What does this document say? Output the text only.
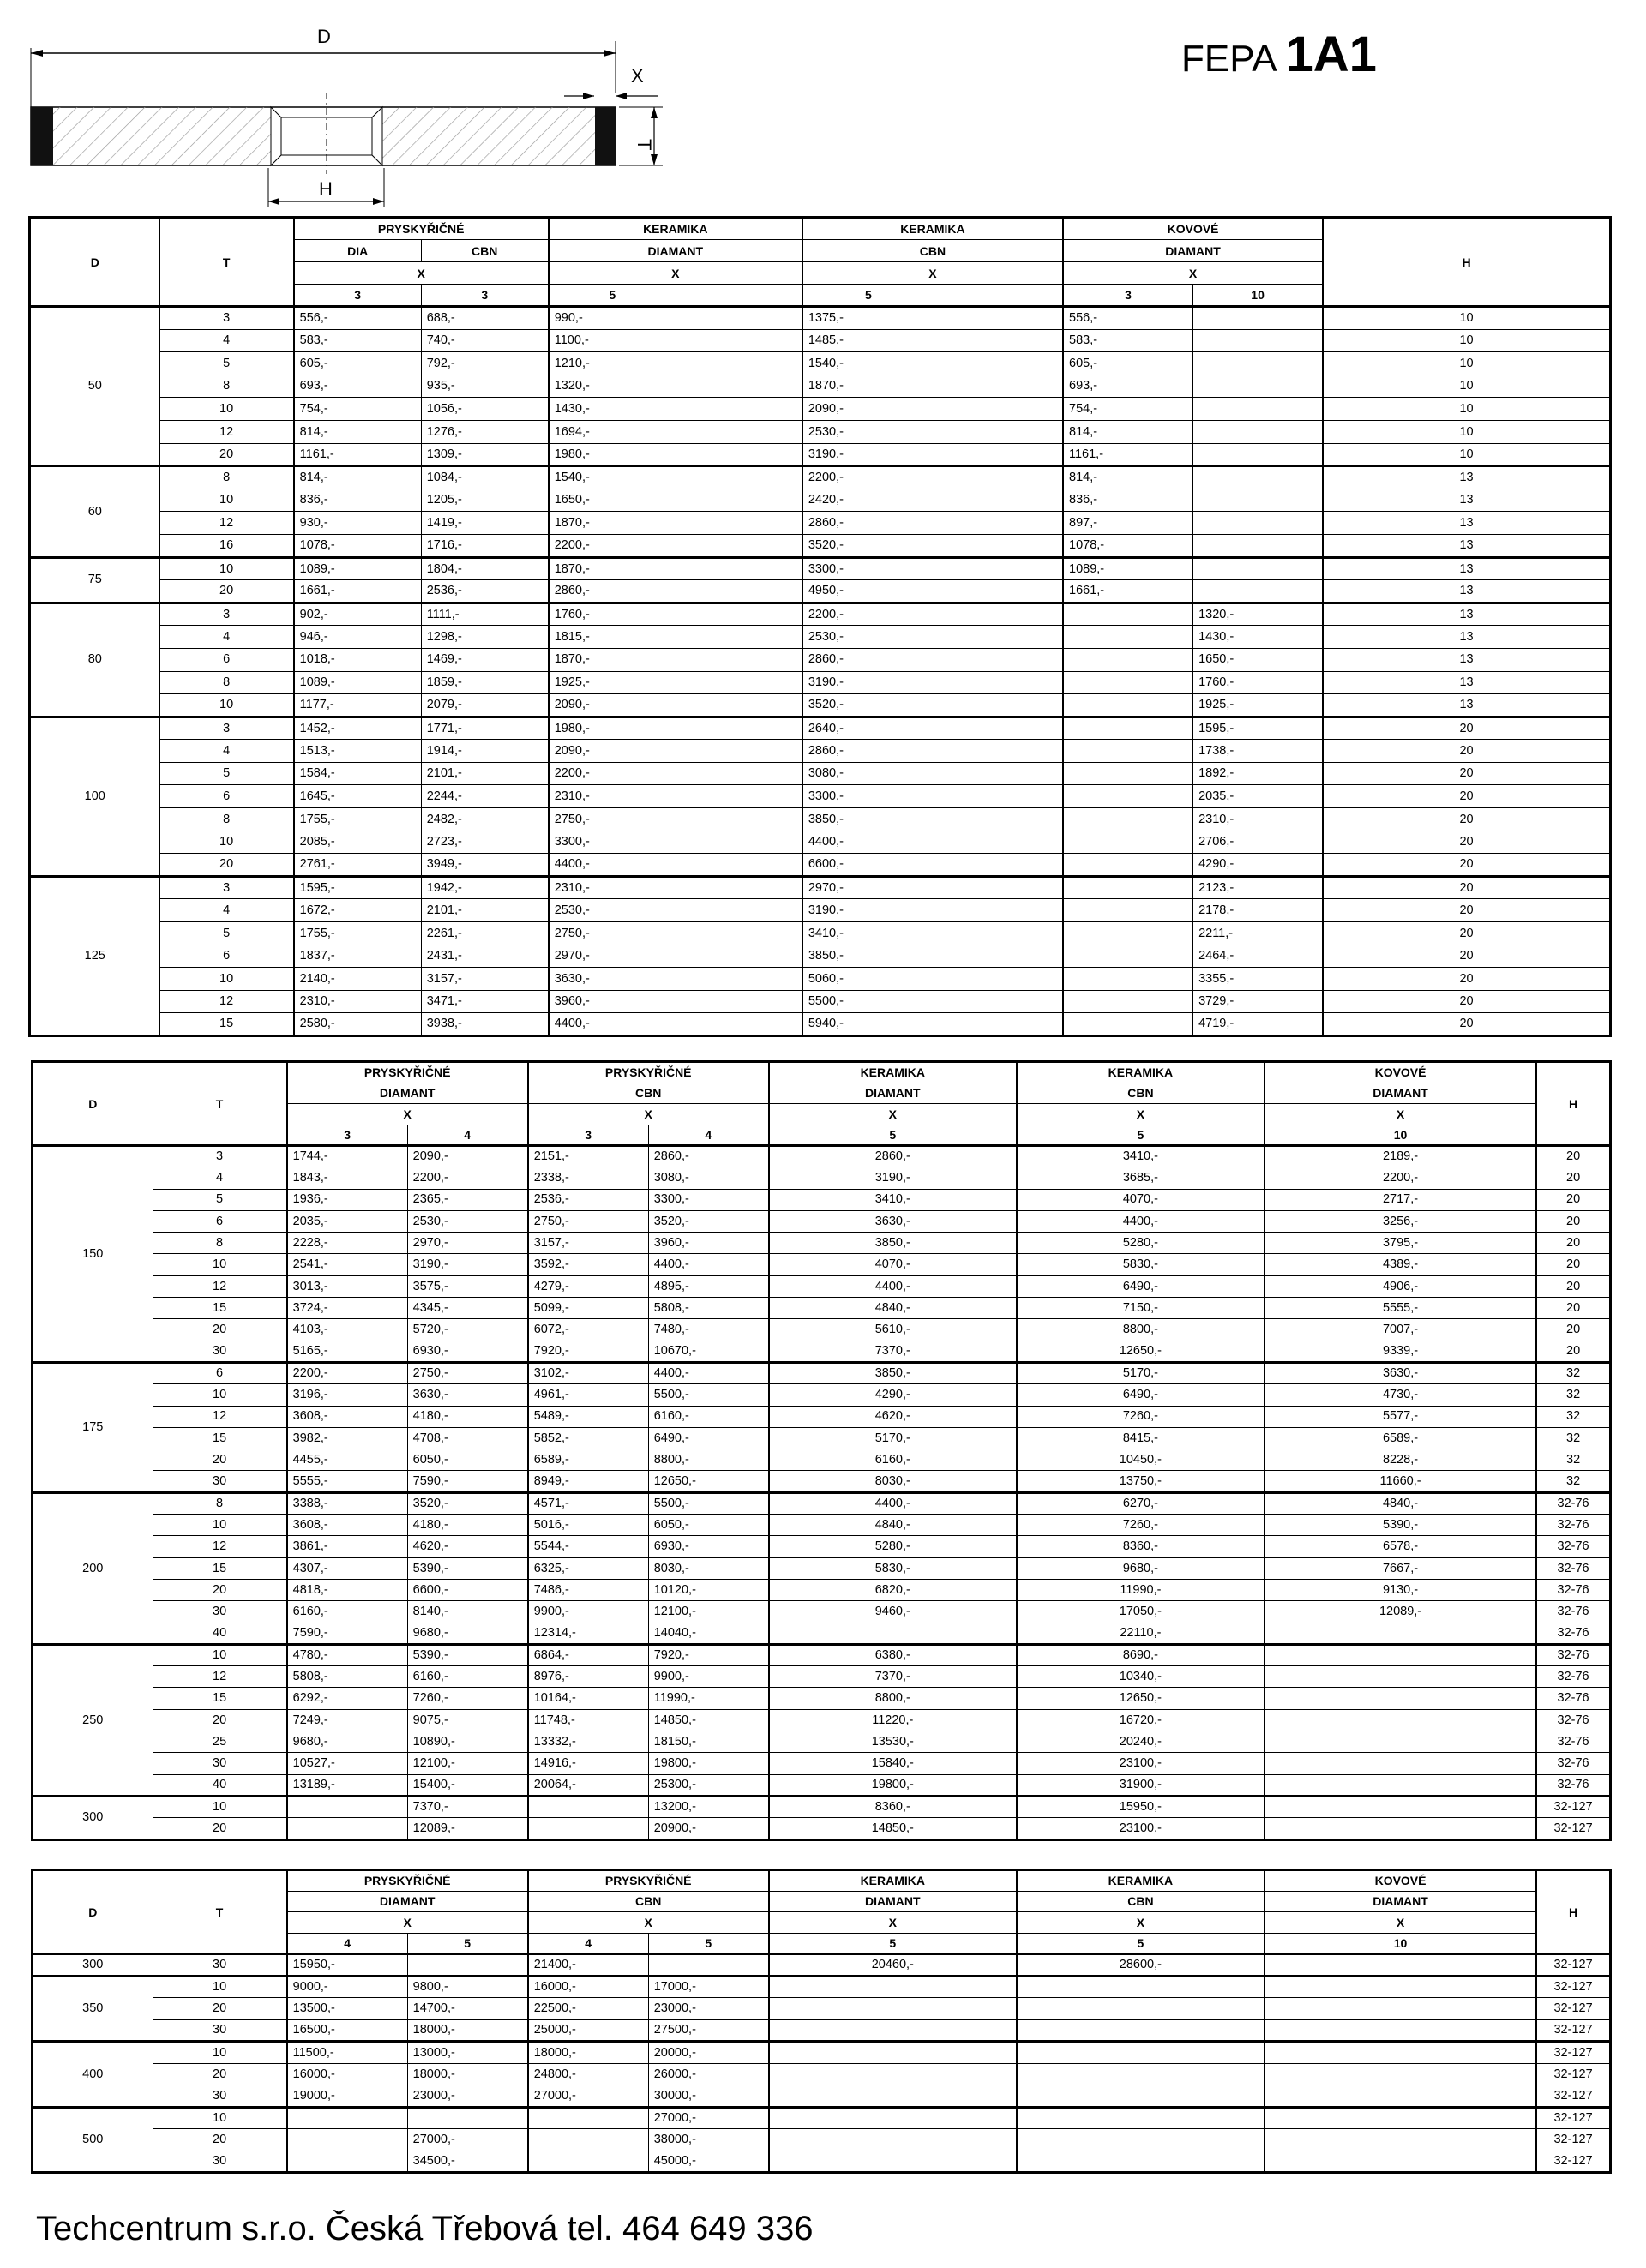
D
X
T
H
FEPA 1A1
D	T	PRYSKYŘIČNÉ		KERAMIKA		KERAMIKA		KOVOVÉ		H
		DIA	CBN	DIAMANT		CBN		DIAMANT		
		X		X		X		X		
		3	3	5		5		3	10	
50	3	556,-	688,-	990,-		1375,-		556,-		10
	4	583,-	740,-	1100,-		1485,-		583,-		10
	5	605,-	792,-	1210,-		1540,-		605,-		10
	8	693,-	935,-	1320,-		1870,-		693,-		10
	10	754,-	1056,-	1430,-		2090,-		754,-		10
	12	814,-	1276,-	1694,-		2530,-		814,-		10
	20	1161,-	1309,-	1980,-		3190,-		1161,-		10
60	8	814,-	1084,-	1540,-		2200,-		814,-		13
	10	836,-	1205,-	1650,-		2420,-		836,-		13
	12	930,-	1419,-	1870,-		2860,-		897,-		13
	16	1078,-	1716,-	2200,-		3520,-		1078,-		13
75	10	1089,-	1804,-	1870,-		3300,-		1089,-		13
	20	1661,-	2536,-	2860,-		4950,-		1661,-		13
80	3	902,-	1111,-	1760,-		2200,-			1320,-	13
	4	946,-	1298,-	1815,-		2530,-			1430,-	13
	6	1018,-	1469,-	1870,-		2860,-			1650,-	13
	8	1089,-	1859,-	1925,-		3190,-			1760,-	13
	10	1177,-	2079,-	2090,-		3520,-			1925,-	13
100	3	1452,-	1771,-	1980,-		2640,-			1595,-	20
	4	1513,-	1914,-	2090,-		2860,-			1738,-	20
	5	1584,-	2101,-	2200,-		3080,-			1892,-	20
	6	1645,-	2244,-	2310,-		3300,-			2035,-	20
	8	1755,-	2482,-	2750,-		3850,-			2310,-	20
	10	2085,-	2723,-	3300,-		4400,-			2706,-	20
	20	2761,-	3949,-	4400,-		6600,-			4290,-	20
125	3	1595,-	1942,-	2310,-		2970,-			2123,-	20
	4	1672,-	2101,-	2530,-		3190,-			2178,-	20
	5	1755,-	2261,-	2750,-		3410,-			2211,-	20
	6	1837,-	2431,-	2970,-		3850,-			2464,-	20
	10	2140,-	3157,-	3630,-		5060,-			3355,-	20
	12	2310,-	3471,-	3960,-		5500,-			3729,-	20
	15	2580,-	3938,-	4400,-		5940,-			4719,-	20
D	T	PRYSKYŘIČNÉ		PRYSKYŘIČNÉ		KERAMIKA	KERAMIKA	KOVOVÉ	H
		DIAMANT		CBN		DIAMANT	CBN	DIAMANT	
		X		X		X	X	X	
		3	4	3	4	5	5	10	
150	3	1744,-	2090,-	2151,-	2860,-	2860,-	3410,-	2189,-	20
	4	1843,-	2200,-	2338,-	3080,-	3190,-	3685,-	2200,-	20
	5	1936,-	2365,-	2536,-	3300,-	3410,-	4070,-	2717,-	20
	6	2035,-	2530,-	2750,-	3520,-	3630,-	4400,-	3256,-	20
	8	2228,-	2970,-	3157,-	3960,-	3850,-	5280,-	3795,-	20
	10	2541,-	3190,-	3592,-	4400,-	4070,-	5830,-	4389,-	20
	12	3013,-	3575,-	4279,-	4895,-	4400,-	6490,-	4906,-	20
	15	3724,-	4345,-	5099,-	5808,-	4840,-	7150,-	5555,-	20
	20	4103,-	5720,-	6072,-	7480,-	5610,-	8800,-	7007,-	20
	30	5165,-	6930,-	7920,-	10670,-	7370,-	12650,-	9339,-	20
175	6	2200,-	2750,-	3102,-	4400,-	3850,-	5170,-	3630,-	32
	10	3196,-	3630,-	4961,-	5500,-	4290,-	6490,-	4730,-	32
	12	3608,-	4180,-	5489,-	6160,-	4620,-	7260,-	5577,-	32
	15	3982,-	4708,-	5852,-	6490,-	5170,-	8415,-	6589,-	32
	20	4455,-	6050,-	6589,-	8800,-	6160,-	10450,-	8228,-	32
	30	5555,-	7590,-	8949,-	12650,-	8030,-	13750,-	11660,-	32
200	8	3388,-	3520,-	4571,-	5500,-	4400,-	6270,-	4840,-	32-76
	10	3608,-	4180,-	5016,-	6050,-	4840,-	7260,-	5390,-	32-76
	12	3861,-	4620,-	5544,-	6930,-	5280,-	8360,-	6578,-	32-76
	15	4307,-	5390,-	6325,-	8030,-	5830,-	9680,-	7667,-	32-76
	20	4818,-	6600,-	7486,-	10120,-	6820,-	11990,-	9130,-	32-76
	30	6160,-	8140,-	9900,-	12100,-	9460,-	17050,-	12089,-	32-76
	40	7590,-	9680,-	12314,-	14040,-		22110,-		32-76
250	10	4780,-	5390,-	6864,-	7920,-	6380,-	8690,-		32-76
	12	5808,-	6160,-	8976,-	9900,-	7370,-	10340,-		32-76
	15	6292,-	7260,-	10164,-	11990,-	8800,-	12650,-		32-76
	20	7249,-	9075,-	11748,-	14850,-	11220,-	16720,-		32-76
	25	9680,-	10890,-	13332,-	18150,-	13530,-	20240,-		32-76
	30	10527,-	12100,-	14916,-	19800,-	15840,-	23100,-		32-76
	40	13189,-	15400,-	20064,-	25300,-	19800,-	31900,-		32-76
300	10		7370,-		13200,-	8360,-	15950,-		32-127
	20		12089,-		20900,-	14850,-	23100,-		32-127
D	T	PRYSKYŘIČNÉ		PRYSKYŘIČNÉ		KERAMIKA	KERAMIKA	KOVOVÉ	H
		DIAMANT		CBN		DIAMANT	CBN	DIAMANT	
		X		X		X	X	X	
		4	5	4	5	5	5	10	
300	30	15950,-		21400,-		20460,-	28600,-		32-127
350	10	9000,-	9800,-	16000,-	17000,-				32-127
	20	13500,-	14700,-	22500,-	23000,-				32-127
	30	16500,-	18000,-	25000,-	27500,-				32-127
400	10	11500,-	13000,-	18000,-	20000,-				32-127
	20	16000,-	18000,-	24800,-	26000,-				32-127
	30	19000,-	23000,-	27000,-	30000,-				32-127
500	10				27000,-				32-127
	20		27000,-		38000,-				32-127
	30		34500,-		45000,-				32-127
Techcentrum s.r.o. Česká Třebová tel. 464 649 336
